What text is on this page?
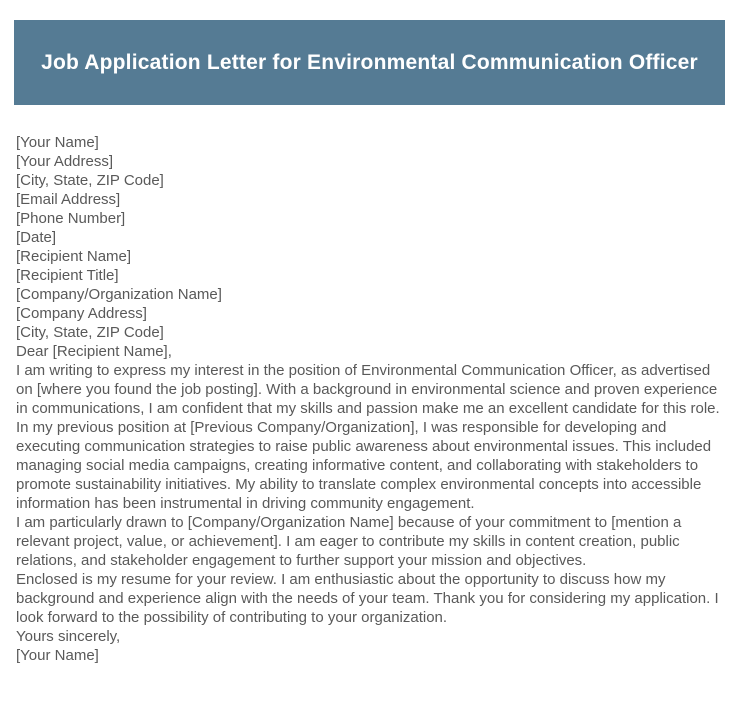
Job Application Letter for Environmental Communication Officer
[Your Name]
[Your Address]
[City, State, ZIP Code]
[Email Address]
[Phone Number]
[Date]
[Recipient Name]
[Recipient Title]
[Company/Organization Name]
[Company Address]
[City, State, ZIP Code]
Dear [Recipient Name],

I am writing to express my interest in the position of Environmental Communication Officer, as advertised on [where you found the job posting]. With a background in environmental science and proven experience in communications, I am confident that my skills and passion make me an excellent candidate for this role.

In my previous position at [Previous Company/Organization], I was responsible for developing and executing communication strategies to raise public awareness about environmental issues. This included managing social media campaigns, creating informative content, and collaborating with stakeholders to promote sustainability initiatives. My ability to translate complex environmental concepts into accessible information has been instrumental in driving community engagement.

I am particularly drawn to [Company/Organization Name] because of your commitment to [mention a relevant project, value, or achievement]. I am eager to contribute my skills in content creation, public relations, and stakeholder engagement to further support your mission and objectives.

Enclosed is my resume for your review. I am enthusiastic about the opportunity to discuss how my background and experience align with the needs of your team. Thank you for considering my application. I look forward to the possibility of contributing to your organization.

Yours sincerely,
[Your Name]
